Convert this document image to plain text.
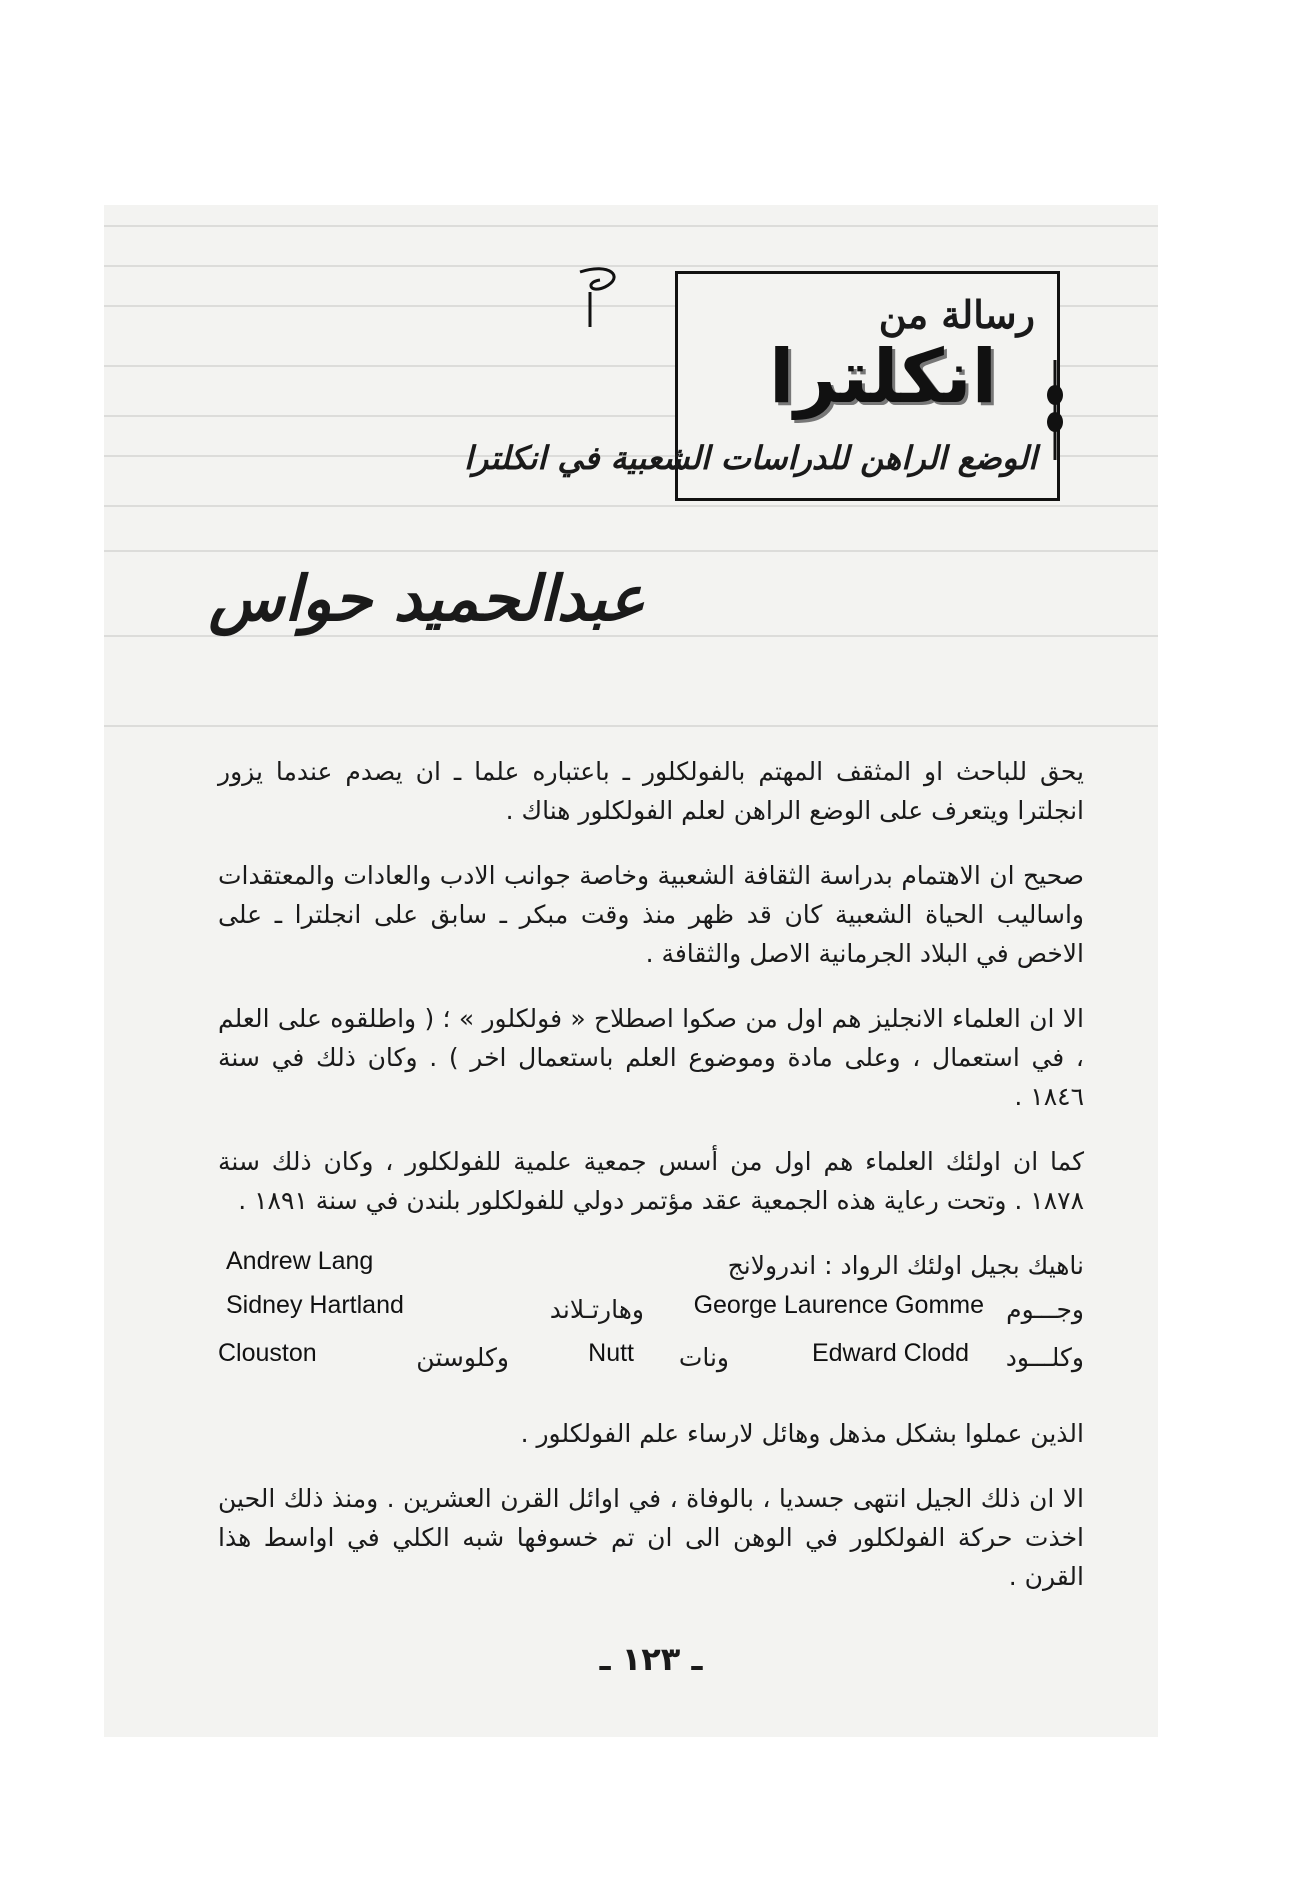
رسالة من
انكلترا
الوضع الراهن للدراسات الشعبية في انكلترا
عبدالحميد حواس

يحق للباحث او المثقف المهتم بالفولكلور ـ باعتباره علما ـ ان يصدم عندما يزور انجلترا ويتعرف على الوضع الراهن لعلم الفولكلور هناك .

صحيح ان الاهتمام بدراسة الثقافة الشعبية وخاصة جوانب الادب والعادات والمعتقدات واساليب الحياة الشعبية كان قد ظهر منذ وقت مبكر ـ سابق على انجلترا ـ على الاخص في البلاد الجرمانية الاصل والثقافة .

الا ان العلماء الانجليز هم اول من صكوا اصطلاح « فولكلور » ؛ ( واطلقوه على العلم ، في استعمال ، وعلى مادة وموضوع العلم باستعمال اخر ) . وكان ذلك في سنة ١٨٤٦ .

كما ان اولئك العلماء هم اول من أسس جمعية علمية للفولكلور ، وكان ذلك سنة ١٨٧٨ . وتحت رعاية هذه الجمعية عقد مؤتمر دولي للفولكلور بلندن في سنة ١٨٩١ .

ناهيك بجيل اولئك الرواد : اندرولانج
Andrew Lang
وجـــوم
George Laurence Gomme
Sidney Hartland	وهارتـلاند
وكلـــود
Edward Clodd
ونات
Nutt
وكلوستن
Clouston

الذين عملوا بشكل مذهل وهائل لارساء علم الفولكلور .

الا ان ذلك الجيل انتهى جسديا ، بالوفاة ، في اوائل القرن العشرين . ومنذ ذلك الحين اخذت حركة الفولكلور في الوهن الى ان تم خسوفها شبه الكلي في اواسط هذا القرن .

ـ ١٢٣ ـ
